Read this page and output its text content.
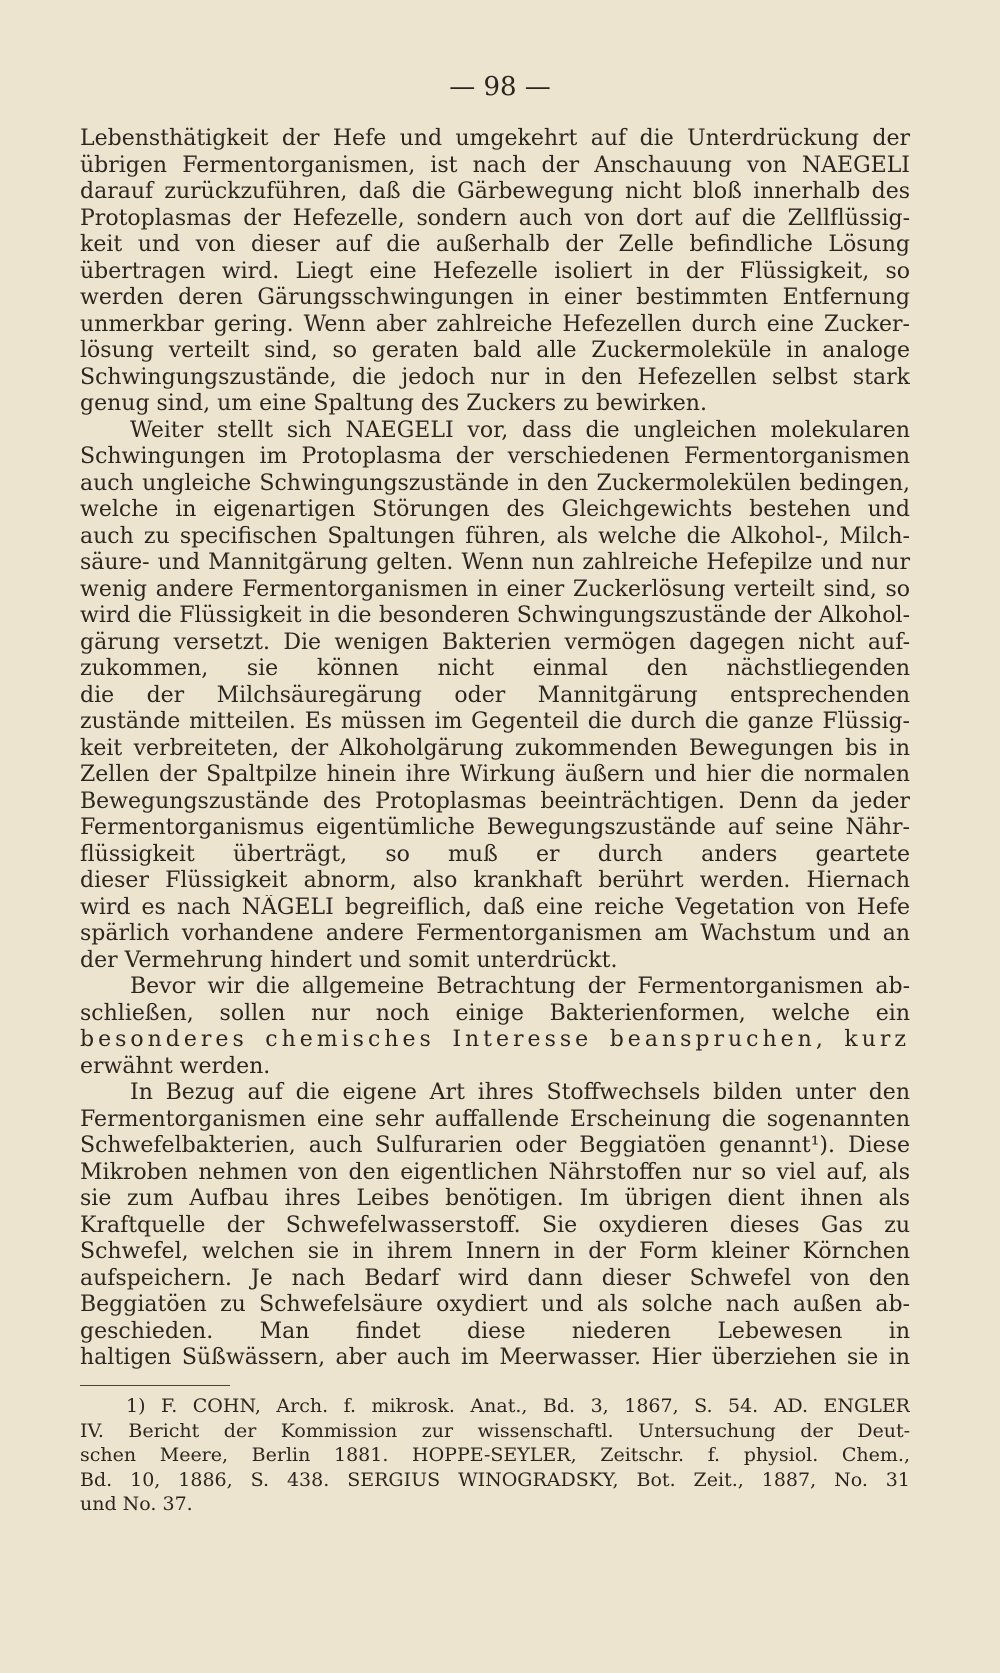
— 98 —

Lebensthätigkeit der Hefe und umgekehrt auf die Unterdrückung der
übrigen Fermentorganismen, ist nach der Anschauung von NAEGELI
darauf zurückzuführen, daß die Gärbewegung nicht bloß innerhalb des
Protoplasmas der Hefezelle, sondern auch von dort auf die Zellflüssig-
keit und von dieser auf die außerhalb der Zelle befindliche Lösung
übertragen wird. Liegt eine Hefezelle isoliert in der Flüssigkeit, so
werden deren Gärungsschwingungen in einer bestimmten Entfernung
unmerkbar gering. Wenn aber zahlreiche Hefezellen durch eine Zucker-
lösung verteilt sind, so geraten bald alle Zuckermoleküle in analoge
Schwingungszustände, die jedoch nur in den Hefezellen selbst stark
genug sind, um eine Spaltung des Zuckers zu bewirken.

Weiter stellt sich NAEGELI vor, dass die ungleichen molekularen
Schwingungen im Protoplasma der verschiedenen Fermentorganismen
auch ungleiche Schwingungszustände in den Zuckermolekülen bedingen,
welche in eigenartigen Störungen des Gleichgewichts bestehen und
auch zu specifischen Spaltungen führen, als welche die Alkohol-, Milch-
säure- und Mannitgärung gelten. Wenn nun zahlreiche Hefepilze und nur
wenig andere Fermentorganismen in einer Zuckerlösung verteilt sind, so
wird die Flüssigkeit in die besonderen Schwingungszustände der Alkohol-
gärung versetzt. Die wenigen Bakterien vermögen dagegen nicht auf-
zukommen, sie können nicht einmal den nächstliegenden
die der Milchsäuregärung oder Mannitgärung entsprechenden
zustände mitteilen. Es müssen im Gegenteil die durch die ganze Flüssig-
keit verbreiteten, der Alkoholgärung zukommenden Bewegungen bis in
Zellen der Spaltpilze hinein ihre Wirkung äußern und hier die normalen
Bewegungszustände des Protoplasmas beeinträchtigen. Denn da jeder
Fermentorganismus eigentümliche Bewegungszustände auf seine Nähr-
flüssigkeit überträgt, so muß er durch anders geartete
dieser Flüssigkeit abnorm, also krankhaft berührt werden. Hiernach
wird es nach NÄGELI begreiflich, daß eine reiche Vegetation von Hefe
spärlich vorhandene andere Fermentorganismen am Wachstum und an
der Vermehrung hindert und somit unterdrückt.

Bevor wir die allgemeine Betrachtung der Fermentorganismen ab-
schließen, sollen nur noch einige Bakterienformen, welche ein
besonderes chemisches Interesse beanspruchen, kurz
erwähnt werden.

In Bezug auf die eigene Art ihres Stoffwechsels bilden unter den
Fermentorganismen eine sehr auffallende Erscheinung die sogenannten
Schwefelbakterien, auch Sulfurarien oder Beggiatöen genannt¹). Diese
Mikroben nehmen von den eigentlichen Nährstoffen nur so viel auf, als
sie zum Aufbau ihres Leibes benötigen. Im übrigen dient ihnen als
Kraftquelle der Schwefelwasserstoff. Sie oxydieren dieses Gas zu
Schwefel, welchen sie in ihrem Innern in der Form kleiner Körnchen
aufspeichern. Je nach Bedarf wird dann dieser Schwefel von den
Beggiatöen zu Schwefelsäure oxydiert und als solche nach außen ab-
geschieden. Man findet diese niederen Lebewesen in
haltigen Süßwässern, aber auch im Meerwasser. Hier überziehen sie in

1) F. COHN, Arch. f. mikrosk. Anat., Bd. 3, 1867, S. 54. AD. ENGLER
IV. Bericht der Kommission zur wissenschaftl. Untersuchung der Deut-
schen Meere, Berlin 1881. HOPPE-SEYLER, Zeitschr. f. physiol. Chem.,
Bd. 10, 1886, S. 438. SERGIUS WINOGRADSKY, Bot. Zeit., 1887, No. 31
und No. 37.
